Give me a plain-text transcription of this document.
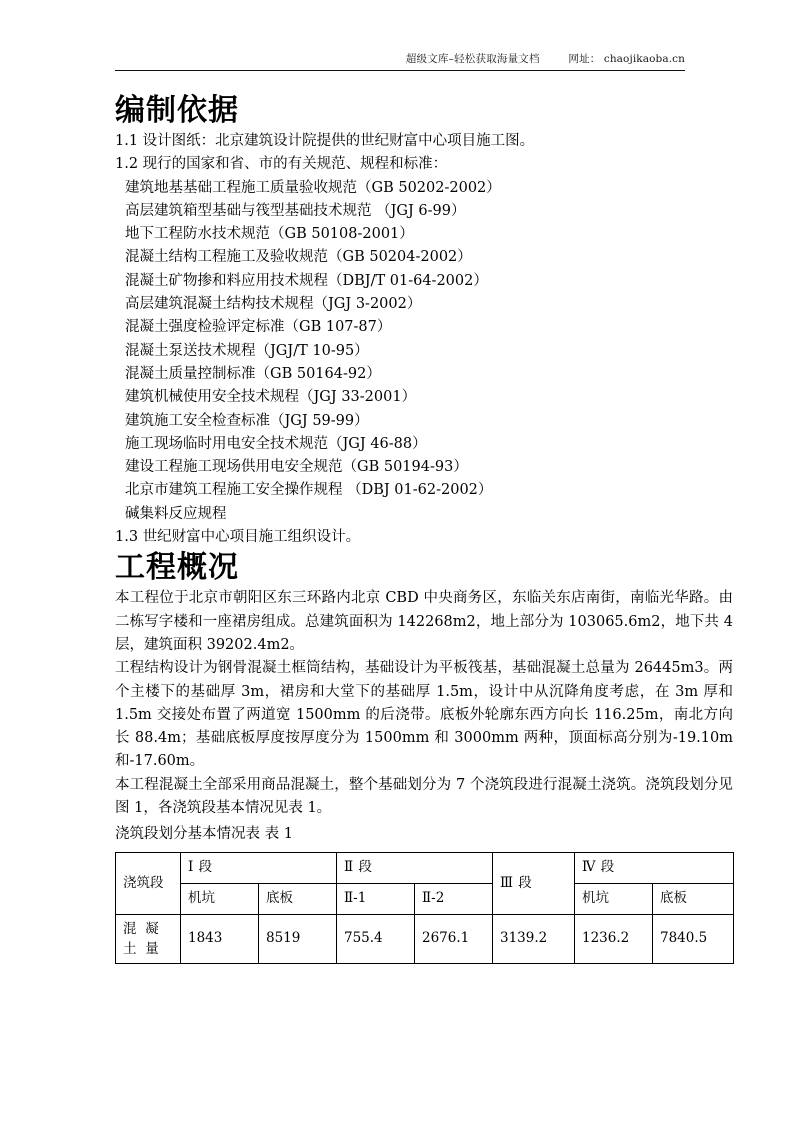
超级文库–轻松获取海量文档	网址： chaojikaoba.cn
编制依据

1.1 设计图纸：北京建筑设计院提供的世纪财富中心项目施工图。

1.2 现行的国家和省、市的有关规范、规程和标准：

建筑地基基础工程施工质量验收规范（GB 50202-2002）

高层建筑箱型基础与筏型基础技术规范 （JGJ 6-99）

地下工程防水技术规范（GB 50108-2001）

混凝土结构工程施工及验收规范（GB 50204-2002）

混凝土矿物掺和料应用技术规程（DBJ/T 01-64-2002）

高层建筑混凝土结构技术规程（JGJ 3-2002）

混凝土强度检验评定标准（GB 107-87）

混凝土泵送技术规程（JGJ/T 10-95）

混凝土质量控制标准（GB 50164-92）

建筑机械使用安全技术规程（JGJ 33-2001）

建筑施工安全检查标准（JGJ 59-99）

施工现场临时用电安全技术规范（JGJ 46-88）

建设工程施工现场供用电安全规范（GB 50194-93）

北京市建筑工程施工安全操作规程 （DBJ 01-62-2002）

碱集料反应规程

1.3 世纪财富中心项目施工组织设计。

工程概况

本工程位于北京市朝阳区东三环路内北京 CBD 中央商务区，东临关东店南街，南临光华路。由二栋写字楼和一座裙房组成。总建筑面积为 142268m2，地上部分为 103065.6m2，地下共 4 层，建筑面积 39202.4m2。

工程结构设计为钢骨混凝土框筒结构，基础设计为平板筏基，基础混凝土总量为 26445m3。两个主楼下的基础厚 3m，裙房和大堂下的基础厚 1.5m，设计中从沉降角度考虑，在 3m 厚和 1.5m 交接处布置了两道宽 1500mm 的后浇带。底板外轮廓东西方向长 116.25m，南北方向长 88.4m；基础底板厚度按厚度分为 1500mm 和 3000mm 两种，顶面标高分别为-19.10m 和-17.60m。

本工程混凝土全部采用商品混凝土，整个基础划分为 7 个浇筑段进行混凝土浇筑。浇筑段划分见图 1，各浇筑段基本情况见表 1。

浇筑段划分基本情况表 表 1

浇筑段	Ⅰ 段		Ⅱ 段		Ⅲ 段	Ⅳ 段	
	机坑	底板	Ⅱ-1	Ⅱ-2		机坑	底板
混 凝 土 量	1843	8519	755.4	2676.1	3139.2	1236.2	7840.5
